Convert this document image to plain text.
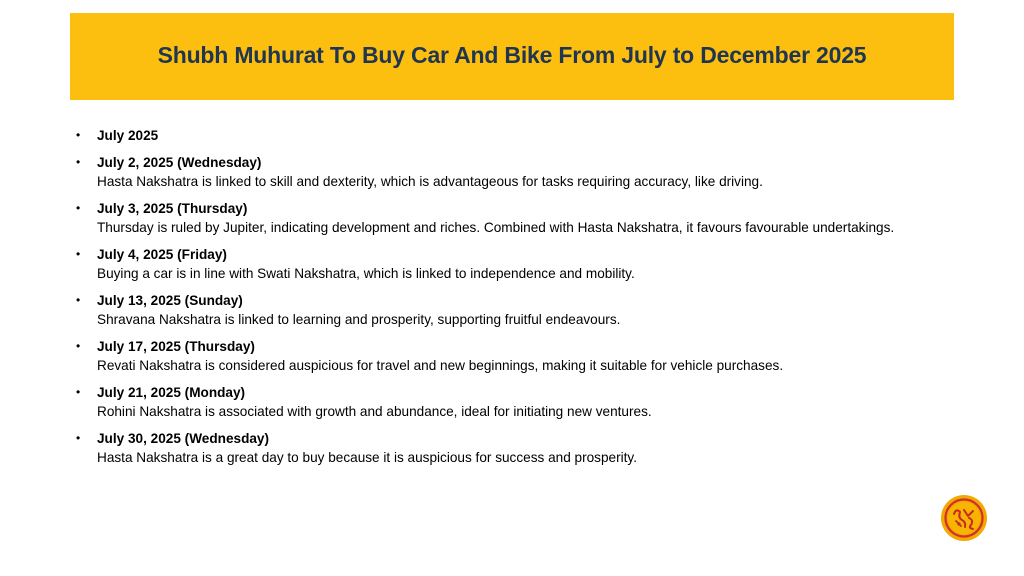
Shubh Muhurat To Buy Car And Bike From July to December 2025
• July 2025
• July 2, 2025 (Wednesday)
Hasta Nakshatra is linked to skill and dexterity, which is advantageous for tasks requiring accuracy, like driving.
• July 3, 2025 (Thursday)
Thursday is ruled by Jupiter, indicating development and riches. Combined with Hasta Nakshatra, it favours favourable undertakings.
• July 4, 2025 (Friday)
Buying a car is in line with Swati Nakshatra, which is linked to independence and mobility.
• July 13, 2025 (Sunday)
Shravana Nakshatra is linked to learning and prosperity, supporting fruitful endeavours.
• July 17, 2025 (Thursday)
Revati Nakshatra is considered auspicious for travel and new beginnings, making it suitable for vehicle purchases.
• July 21, 2025 (Monday)
Rohini Nakshatra is associated with growth and abundance, ideal for initiating new ventures.
• July 30, 2025 (Wednesday)
Hasta Nakshatra is a great day to buy because it is auspicious for success and prosperity.
